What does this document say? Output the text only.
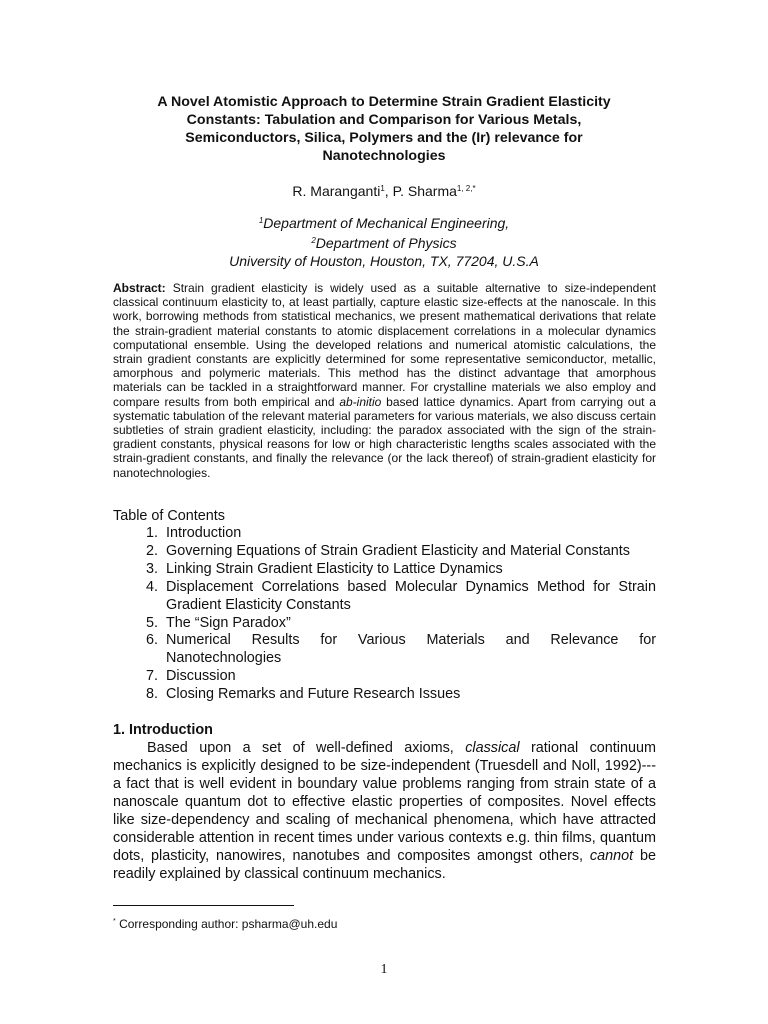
A Novel Atomistic Approach to Determine Strain Gradient Elasticity
Constants: Tabulation and Comparison for Various Metals,
Semiconductors, Silica, Polymers and the (Ir) relevance for
Nanotechnologies
R. Maranganti$^1$, P. Sharma$^{1, 2,*}$
$^1$Department of Mechanical Engineering,
$^2$Department of Physics
University of Houston, Houston, TX, 77204, U.S.A
Abstract: Strain gradient elasticity is widely used as a suitable alternative to size-independent classical continuum elasticity to, at least partially, capture elastic size-effects at the nanoscale. In this work, borrowing methods from statistical mechanics, we present mathematical derivations that relate the strain-gradient material constants to atomic displacement correlations in a molecular dynamics computational ensemble. Using the developed relations and numerical atomistic calculations, the strain gradient constants are explicitly determined for some representative semiconductor, metallic, amorphous and polymeric materials. This method has the distinct advantage that amorphous materials can be tackled in a straightforward manner. For crystalline materials we also employ and compare results from both empirical and ab-initio based lattice dynamics. Apart from carrying out a systematic tabulation of the relevant material parameters for various materials, we also discuss certain subtleties of strain gradient elasticity, including: the paradox associated with the sign of the strain-gradient constants, physical reasons for low or high characteristic lengths scales associated with the strain-gradient constants, and finally the relevance (or the lack thereof) of strain-gradient elasticity for nanotechnologies.
Table of Contents
1. Introduction
2. Governing Equations of Strain Gradient Elasticity and Material Constants
3. Linking Strain Gradient Elasticity to Lattice Dynamics
4. Displacement Correlations based Molecular Dynamics Method for Strain Gradient Elasticity Constants
5. The “Sign Paradox”
6. Numerical Results for Various Materials and Relevance for Nanotechnologies
7. Discussion
8. Closing Remarks and Future Research Issues
1. Introduction
Based upon a set of well-defined axioms, classical rational continuum mechanics is explicitly designed to be size-independent (Truesdell and Noll, 1992)---a fact that is well evident in boundary value problems ranging from strain state of a nanoscale quantum dot to effective elastic properties of composites. Novel effects like size-dependency and scaling of mechanical phenomena, which have attracted considerable attention in recent times under various contexts e.g. thin films, quantum dots, plasticity, nanowires, nanotubes and composites amongst others, cannot be readily explained by classical continuum mechanics.
* Corresponding author: psharma@uh.edu
1
